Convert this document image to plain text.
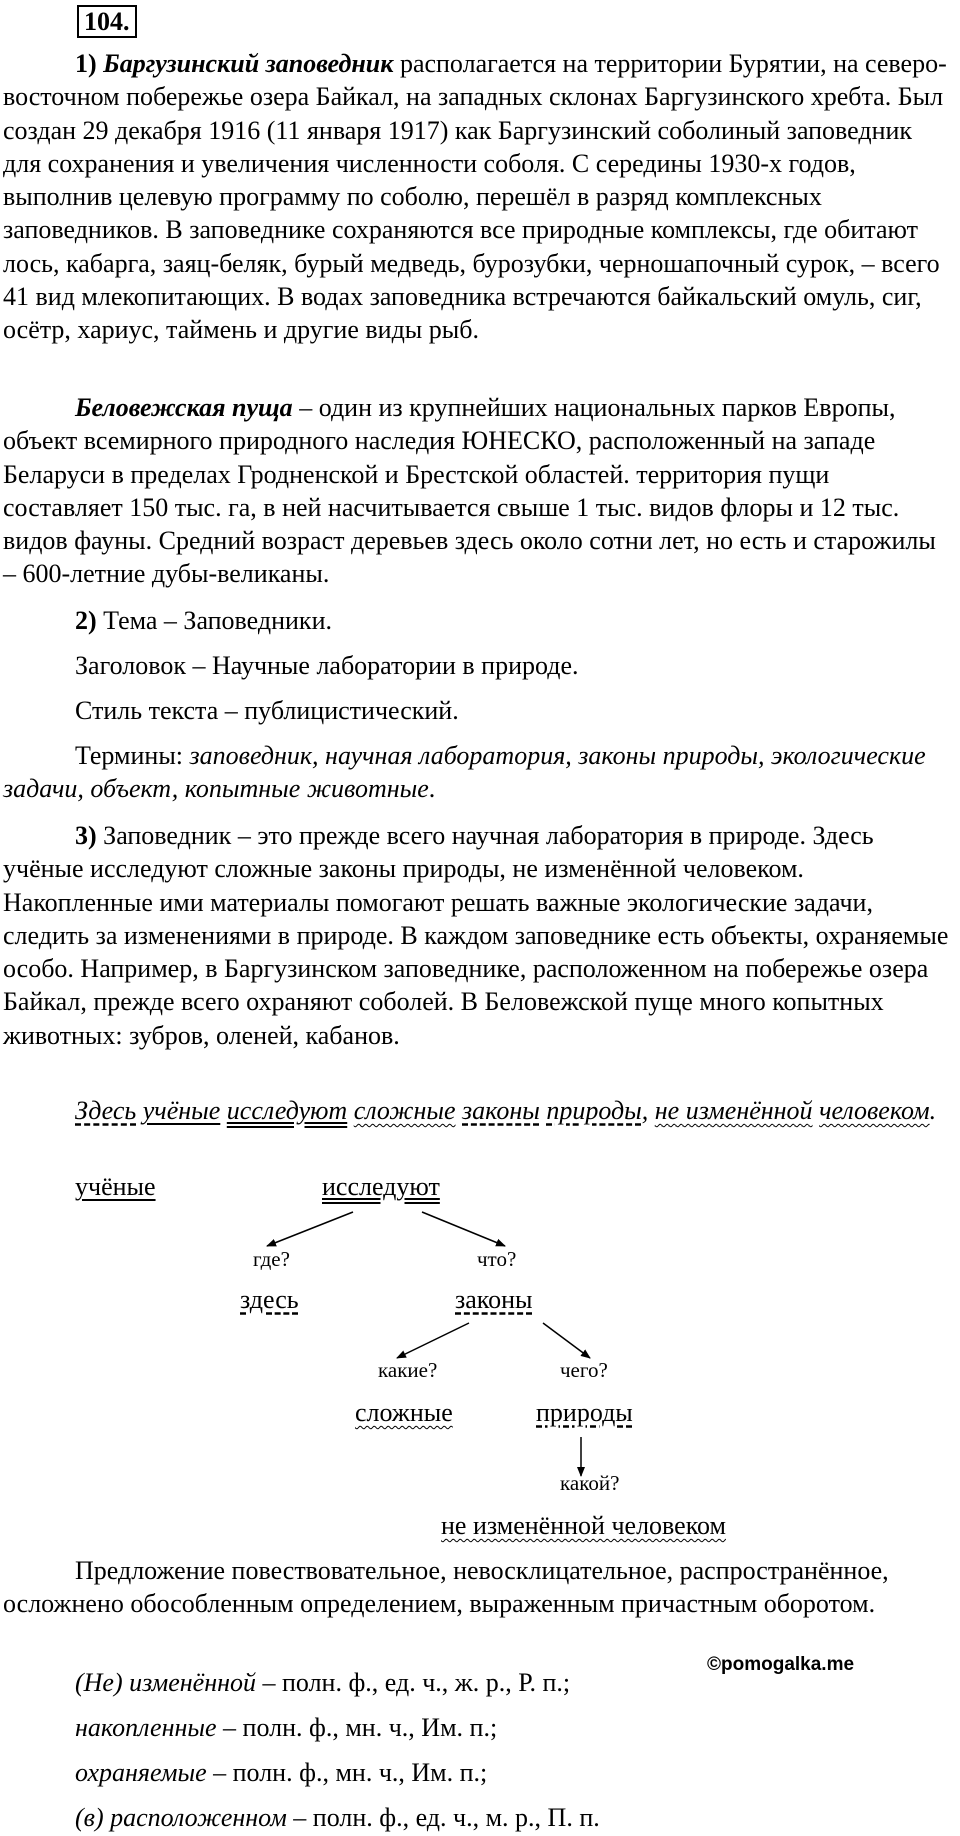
104.

1) Баргузинский заповедник располагается на территории Бурятии, на северо-восточном побережье озера Байкал, на западных склонах Баргузинского хребта. Был создан 29 декабря 1916 (11 января 1917) как Баргузинский соболиный заповедник для сохранения и увеличения численности соболя. С середины 1930-х годов, выполнив целевую программу по соболю, перешёл в разряд комплексных заповедников. В заповеднике сохраняются все природные комплексы, где обитают лось, кабарга, заяц-беляк, бурый медведь, бурозубки, черношапочный сурок, – всего 41 вид млекопитающих. В водах заповедника встречаются байкальский омуль, сиг, осётр, хариус, таймень и другие виды рыб.

Беловежская пуща – один из крупнейших национальных парков Европы, объект всемирного природного наследия ЮНЕСКО, расположенный на западе Беларуси в пределах Гродненской и Брестской областей. территория пущи составляет 150 тыс. га, в ней насчитывается свыше 1 тыс. видов флоры и 12 тыс. видов фауны. Средний возраст деревьев здесь около сотни лет, но есть и старожилы – 600-летние дубы-великаны.

2) Тема – Заповедники.
Заголовок – Научные лаборатории в природе.
Стиль текста – публицистический.

Термины: заповедник, научная лаборатория, законы природы, экологические задачи, объект, копытные животные.

3) Заповедник – это прежде всего научная лаборатория в природе. Здесь учёные исследуют сложные законы природы, не изменённой человеком. Накопленные ими материалы помогают решать важные экологические задачи, следить за изменениями в природе. В каждом заповеднике есть объекты, охраняемые особо. Например, в Баргузинском заповеднике, расположенном на побережье озера Байкал, прежде всего охраняют соболей. В Беловежской пуще много копытных животных: зубров, оленей, кабанов.

Здесь учёные исследуют сложные законы природы, не изменённой человеком.

учёные	исследуют
где?	что?
здесь	законы
какие?	чего?
сложные	природы
какой?
не изменённой человеком

Предложение повествовательное, невосклицательное, распространённое, осложнено обособленным определением, выраженным причастным оборотом.

©pomogalka.me
(Не) изменённой – полн. ф., ед. ч., ж. р., Р. п.;
накопленные – полн. ф., мн. ч., Им. п.;
охраняемые – полн. ф., мн. ч., Им. п.;
(в) расположенном – полн. ф., ед. ч., м. р., П. п.
